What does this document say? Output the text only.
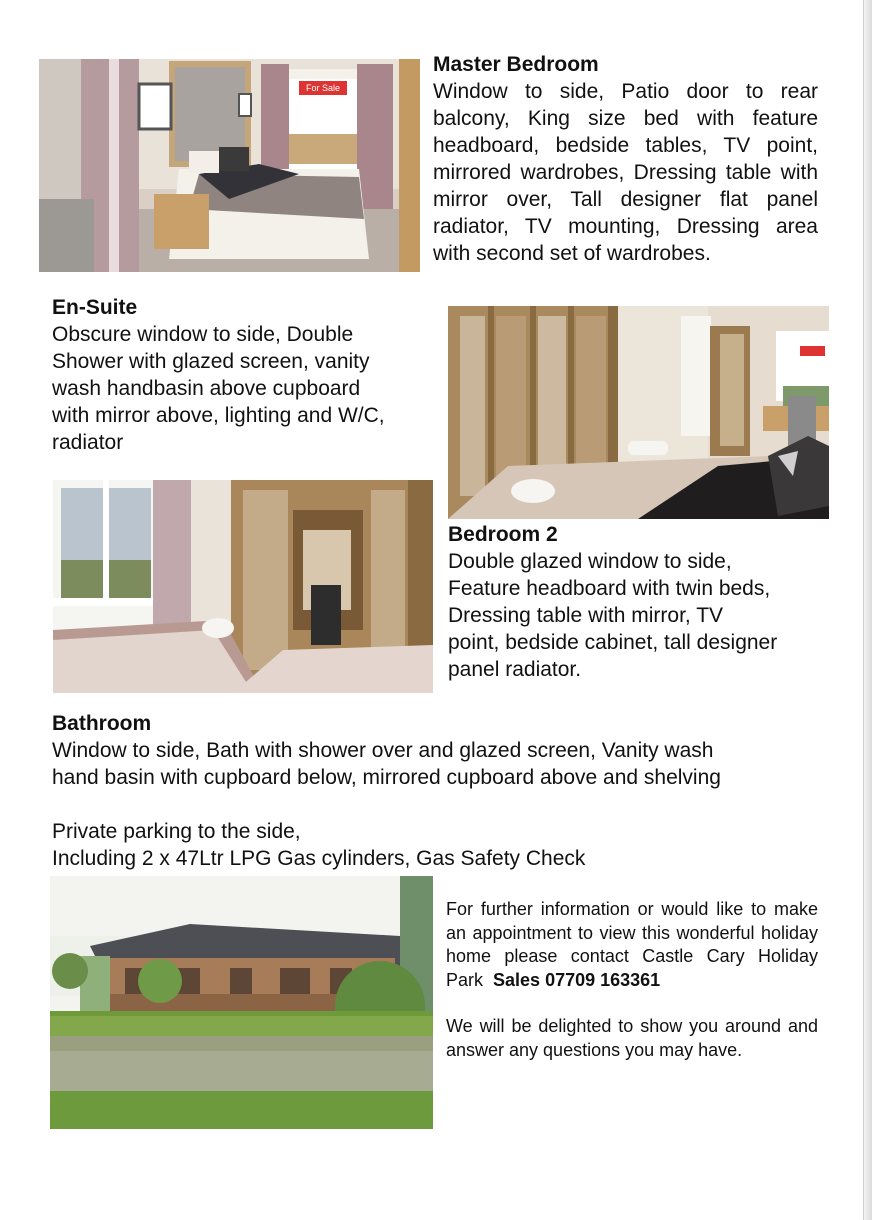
For Sale

Master Bedroom

Window to side, Patio door to rear balcony, King size bed with feature headboard, bedside tables, TV point, mirrored wardrobes, Dressing table with mirror over, Tall designer flat panel radiator, TV mounting, Dressing area with second set of wardrobes.

En-Suite

Obscure window to side, Double

Shower with glazed screen, vanity

wash handbasin above cupboard

with mirror above, lighting and W/C,

radiator

Bedroom 2

Double glazed window to side,

Feature headboard with twin beds,

Dressing table with mirror, TV

point, bedside cabinet, tall designer

panel radiator.

Bathroom

Window to side, Bath with shower over and glazed screen, Vanity wash

hand basin with cupboard below, mirrored cupboard above and shelving

Private parking to the side,

Including 2 x 47Ltr LPG Gas cylinders, Gas Safety Check

For further information or would like to make an appointment to view this wonderful holiday home please contact Castle Cary Holiday Park Sales 07709 163361

We will be delighted to show you around and answer any questions you may have.
